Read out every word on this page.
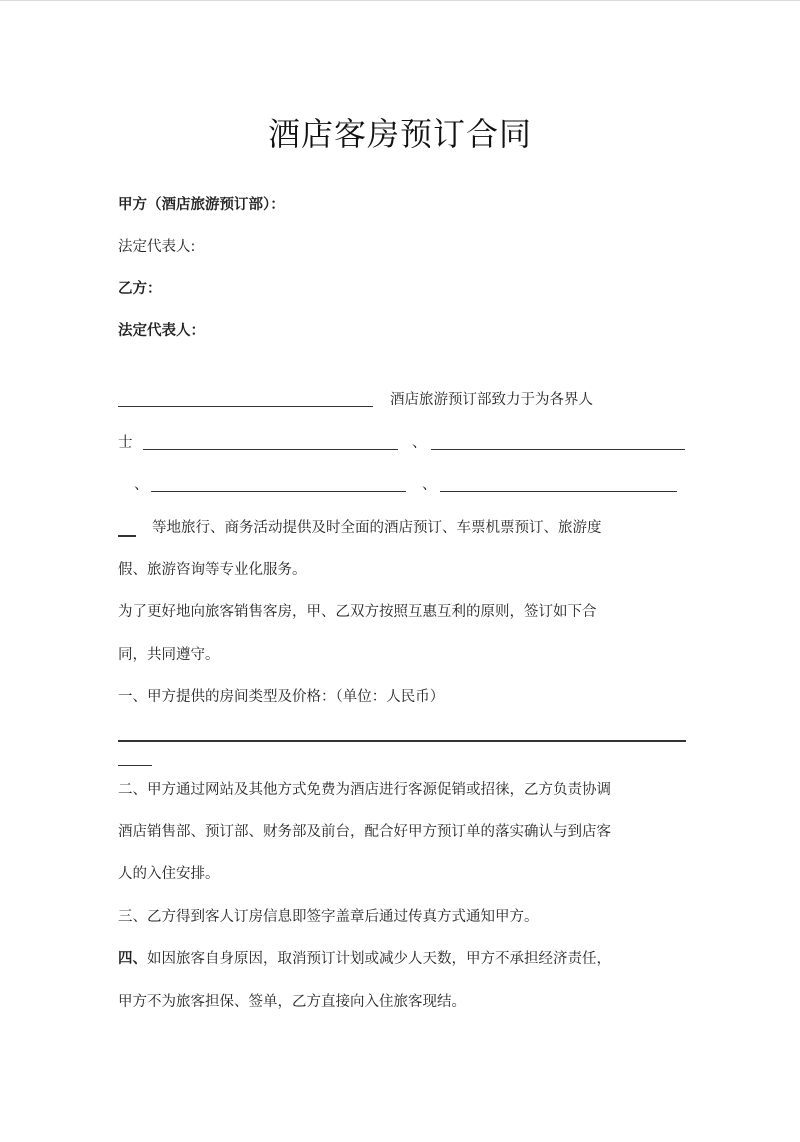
酒店客房预订合同
甲方（酒店旅游预订部）：
法定代表人:
乙方：
法定代表人：
酒店旅游预订部致力于为各界人
士	、
、	、
等地旅行、商务活动提供及时全面的酒店预订、车票机票预订、旅游度
假、旅游咨询等专业化服务。
为了更好地向旅客销售客房，甲、乙双方按照互惠互利的原则，签订如下合
同，共同遵守。
一、甲方提供的房间类型及价格：（单位：人民币）
二、甲方通过网站及其他方式免费为酒店进行客源促销或招徕，乙方负责协调
酒店销售部、预订部、财务部及前台，配合好甲方预订单的落实确认与到店客
人的入住安排。
三、乙方得到客人订房信息即签字盖章后通过传真方式通知甲方。
四、 如因旅客自身原因，取消预订计划或减少人天数，甲方不承担经济责任，
甲方不为旅客担保、签单，乙方直接向入住旅客现结。
